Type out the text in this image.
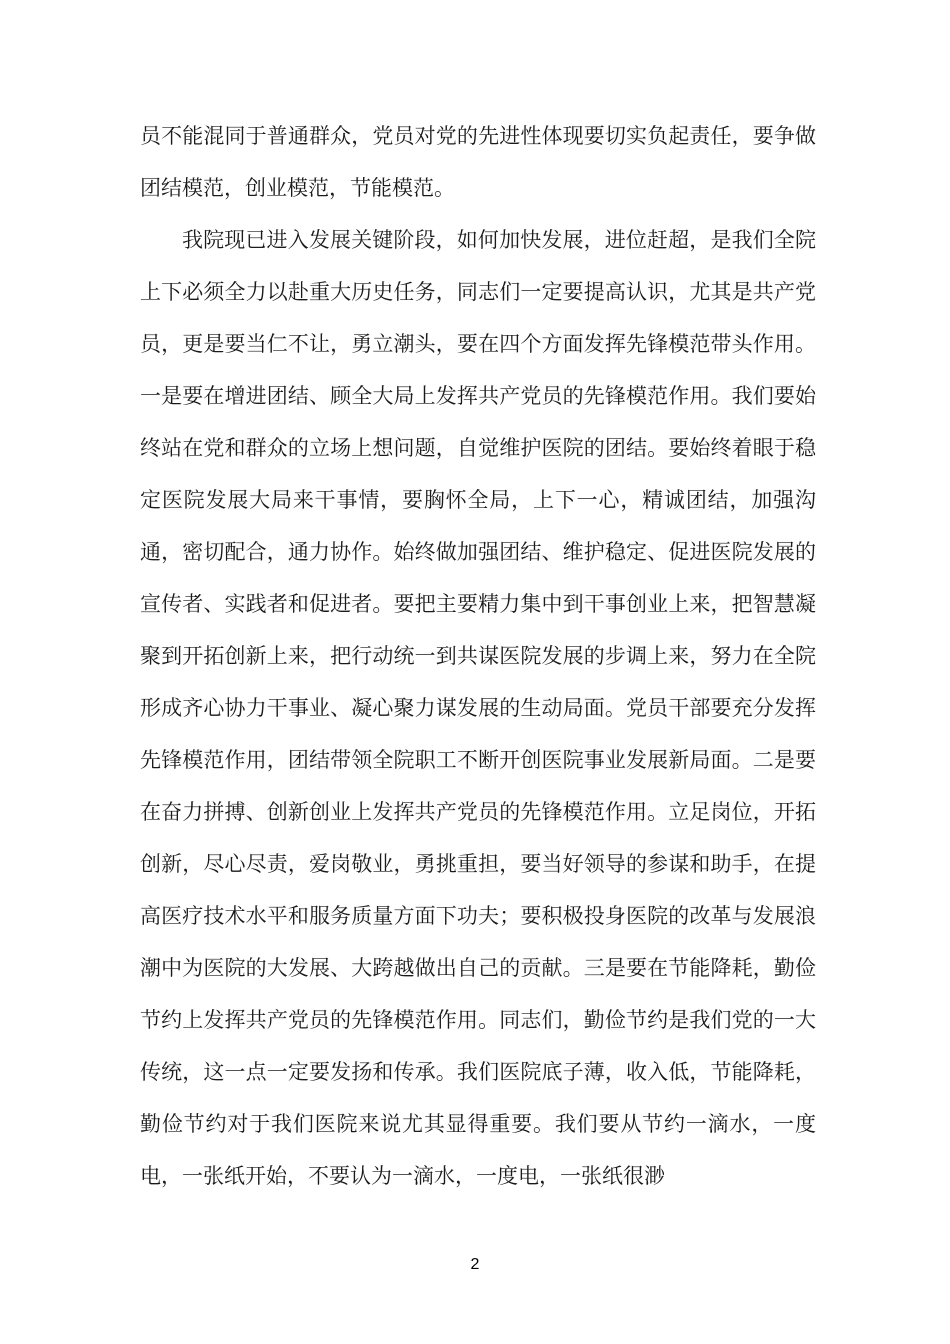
员不能混同于普通群众，党员对党的先进性体现要切实负起责任，要争做团结模范，创业模范，节能模范。

我院现已进入发展关键阶段，如何加快发展，进位赶超，是我们全院上下必须全力以赴重大历史任务，同志们一定要提高认识，尤其是共产党员，更是要当仁不让，勇立潮头，要在四个方面发挥先锋模范带头作用。一是要在增进团结、顾全大局上发挥共产党员的先锋模范作用。我们要始终站在党和群众的立场上想问题，自觉维护医院的团结。要始终着眼于稳定医院发展大局来干事情，要胸怀全局，上下一心，精诚团结，加强沟通，密切配合，通力协作。始终做加强团结、维护稳定、促进医院发展的宣传者、实践者和促进者。要把主要精力集中到干事创业上来，把智慧凝聚到开拓创新上来，把行动统一到共谋医院发展的步调上来，努力在全院形成齐心协力干事业、凝心聚力谋发展的生动局面。党员干部要充分发挥先锋模范作用，团结带领全院职工不断开创医院事业发展新局面。二是要在奋力拼搏、创新创业上发挥共产党员的先锋模范作用。立足岗位，开拓创新，尽心尽责，爱岗敬业，勇挑重担，要当好领导的参谋和助手，在提高医疗技术水平和服务质量方面下功夫；要积极投身医院的改革与发展浪潮中为医院的大发展、大跨越做出自己的贡献。三是要在节能降耗，勤俭节约上发挥共产党员的先锋模范作用。同志们，勤俭节约是我们党的一大传统，这一点一定要发扬和传承。我们医院底子薄，收入低，节能降耗，勤俭节约对于我们医院来说尤其显得重要。我们要从节约一滴水，一度电，一张纸开始，不要认为一滴水，一度电，一张纸很渺

2
